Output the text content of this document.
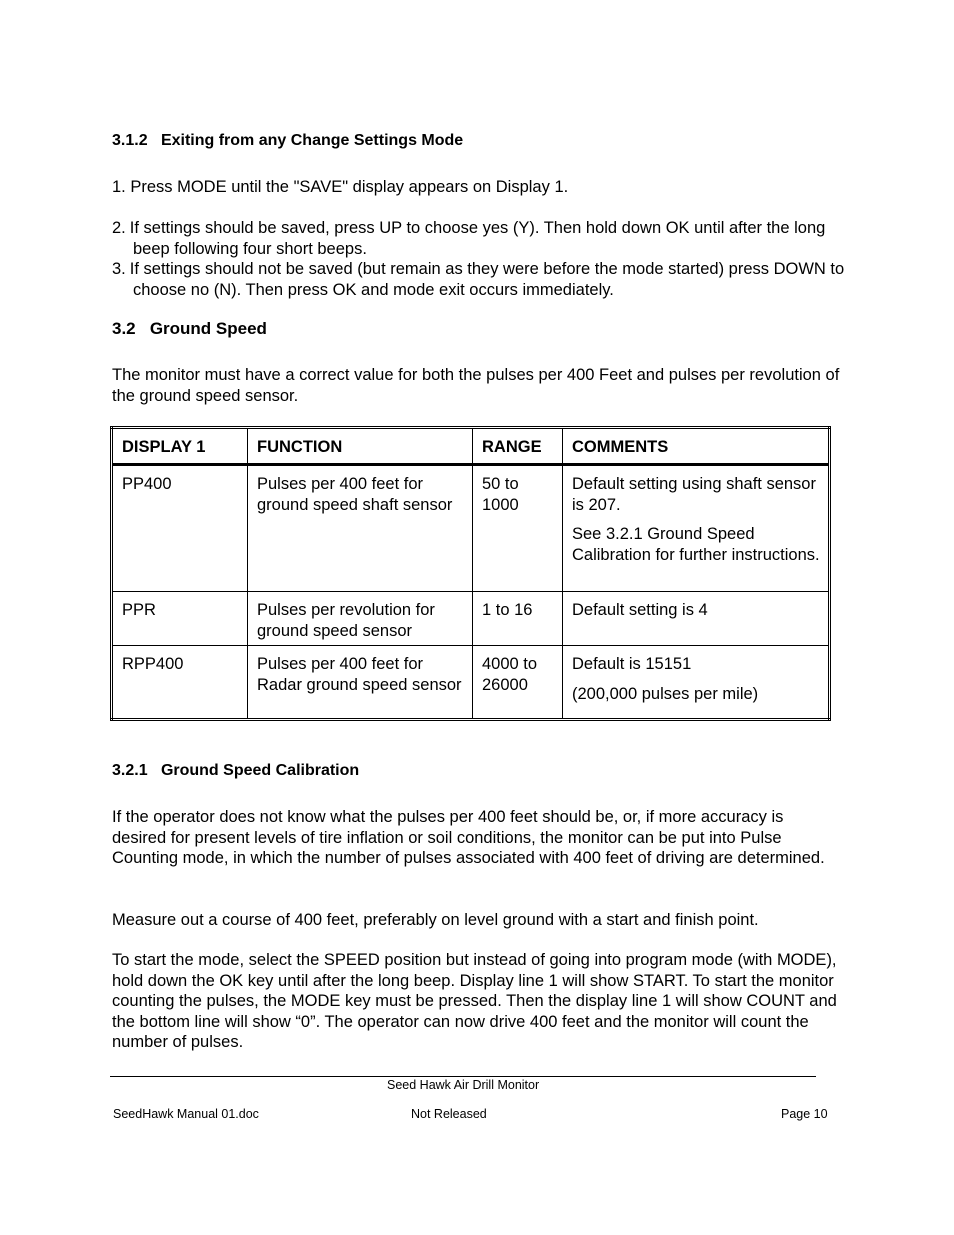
3.1.2 Exiting from any Change Settings Mode
1. Press MODE until the "SAVE" display appears on Display 1.
2. If settings should be saved, press UP to choose yes (Y). Then hold down OK until after the long beep following four short beeps.
3. If settings should not be saved (but remain as they were before the mode started) press DOWN to choose no (N). Then press OK and mode exit occurs immediately.
3.2 Ground Speed
The monitor must have a correct value for both the pulses per 400 Feet and pulses per revolution of the ground speed sensor.
DISPLAY 1	FUNCTION	RANGE	COMMENTS
PP400	Pulses per 400 feet for ground speed shaft sensor	50 to 1000	Default setting using shaft sensor is 207.

See 3.2.1 Ground Speed Calibration for further instructions.

PPR	Pulses per revolution for ground speed sensor	1 to 16	Default setting is 4

RPP400	Pulses per 400 feet for Radar ground speed sensor	4000 to 26000	Default is 15151

(200,000 pulses per mile)

3.2.1 Ground Speed Calibration
If the operator does not know what the pulses per 400 feet should be, or, if more accuracy is desired for present levels of tire inflation or soil conditions, the monitor can be put into Pulse Counting mode, in which the number of pulses associated with 400 feet of driving are determined.
Measure out a course of 400 feet, preferably on level ground with a start and finish point.
To start the mode, select the SPEED position but instead of going into program mode (with MODE), hold down the OK key until after the long beep. Display line 1 will show START. To start the monitor counting the pulses, the MODE key must be pressed. Then the display line 1 will show COUNT and the bottom line will show “0”. The operator can now drive 400 feet and the monitor will count the number of pulses.
Seed Hawk Air Drill Monitor
SeedHawk Manual 01.doc	Not Released	Page 10
